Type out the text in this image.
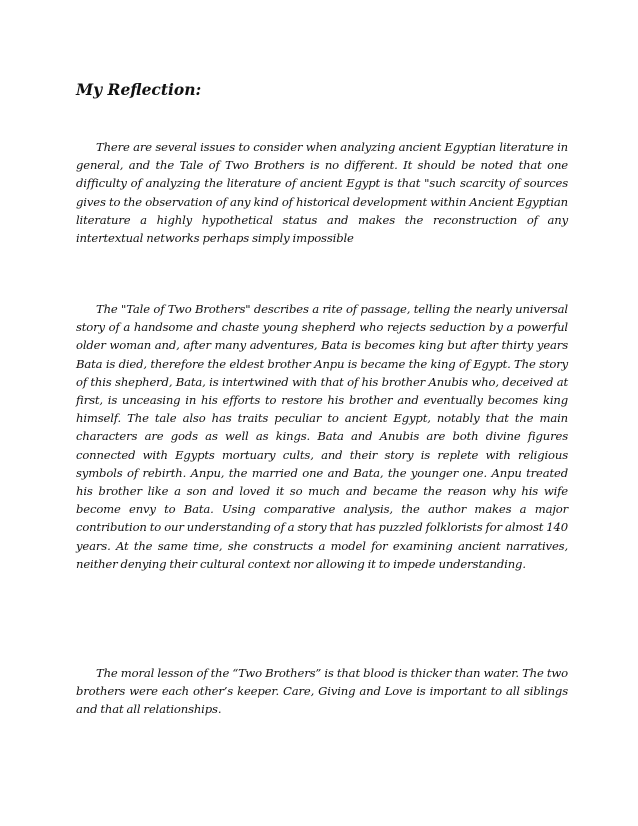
My Reflection:

There are several issues to consider when analyzing ancient Egyptian literature in general, and the Tale of Two Brothers is no different. It should be noted that one difficulty of analyzing the literature of ancient Egypt is that "such scarcity of sources gives to the observation of any kind of historical development within Ancient Egyptian literature a highly hypothetical status and makes the reconstruction of any intertextual networks perhaps simply impossible

The "Tale of Two Brothers" describes a rite of passage, telling the nearly universal story of a handsome and chaste young shepherd who rejects seduction by a powerful older woman and, after many adventures, Bata is becomes king but after thirty years Bata is died, therefore the eldest brother Anpu is became the king of Egypt. The story of this shepherd, Bata, is intertwined with that of his brother Anubis who, deceived at first, is unceasing in his efforts to restore his brother and eventually becomes king himself. The tale also has traits peculiar to ancient Egypt, notably that the main characters are gods as well as kings. Bata and Anubis are both divine figures connected with Egypts mortuary cults, and their story is replete with religious symbols of rebirth. Anpu, the married one and Bata, the younger one. Anpu treated his brother like a son and loved it so much and became the reason why his wife become envy to Bata. Using comparative analysis, the author makes a major contribution to our understanding of a story that has puzzled folklorists for almost 140 years. At the same time, she constructs a model for examining ancient narratives, neither denying their cultural context nor allowing it to impede understanding.

The moral lesson of the “Two Brothers” is that blood is thicker than water. The two brothers were each other’s keeper. Care, Giving and Love is important to all siblings and that all relationships.
